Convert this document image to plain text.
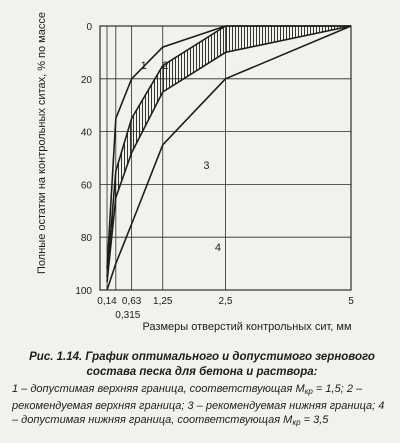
1 2
3
4
0
20
40
60
80
100
0,14
0,315
0,63 1,25	2,5	5
Полные остатки на контрольных ситах, % по массе
Размеры отверстий контрольных сит, мм
Рис. 1.14. График оптимального и допустимого зернового состава песка для бетона и раствора:
1 – допустимая верхняя граница, соответствующая $М_{кр} = 1,5$; 2 – рекомендуемая верхняя граница; 3 – рекомендуемая нижняя граница; 4 – допустимая нижняя граница, соответствующая $М_{кр} = 3,5$
